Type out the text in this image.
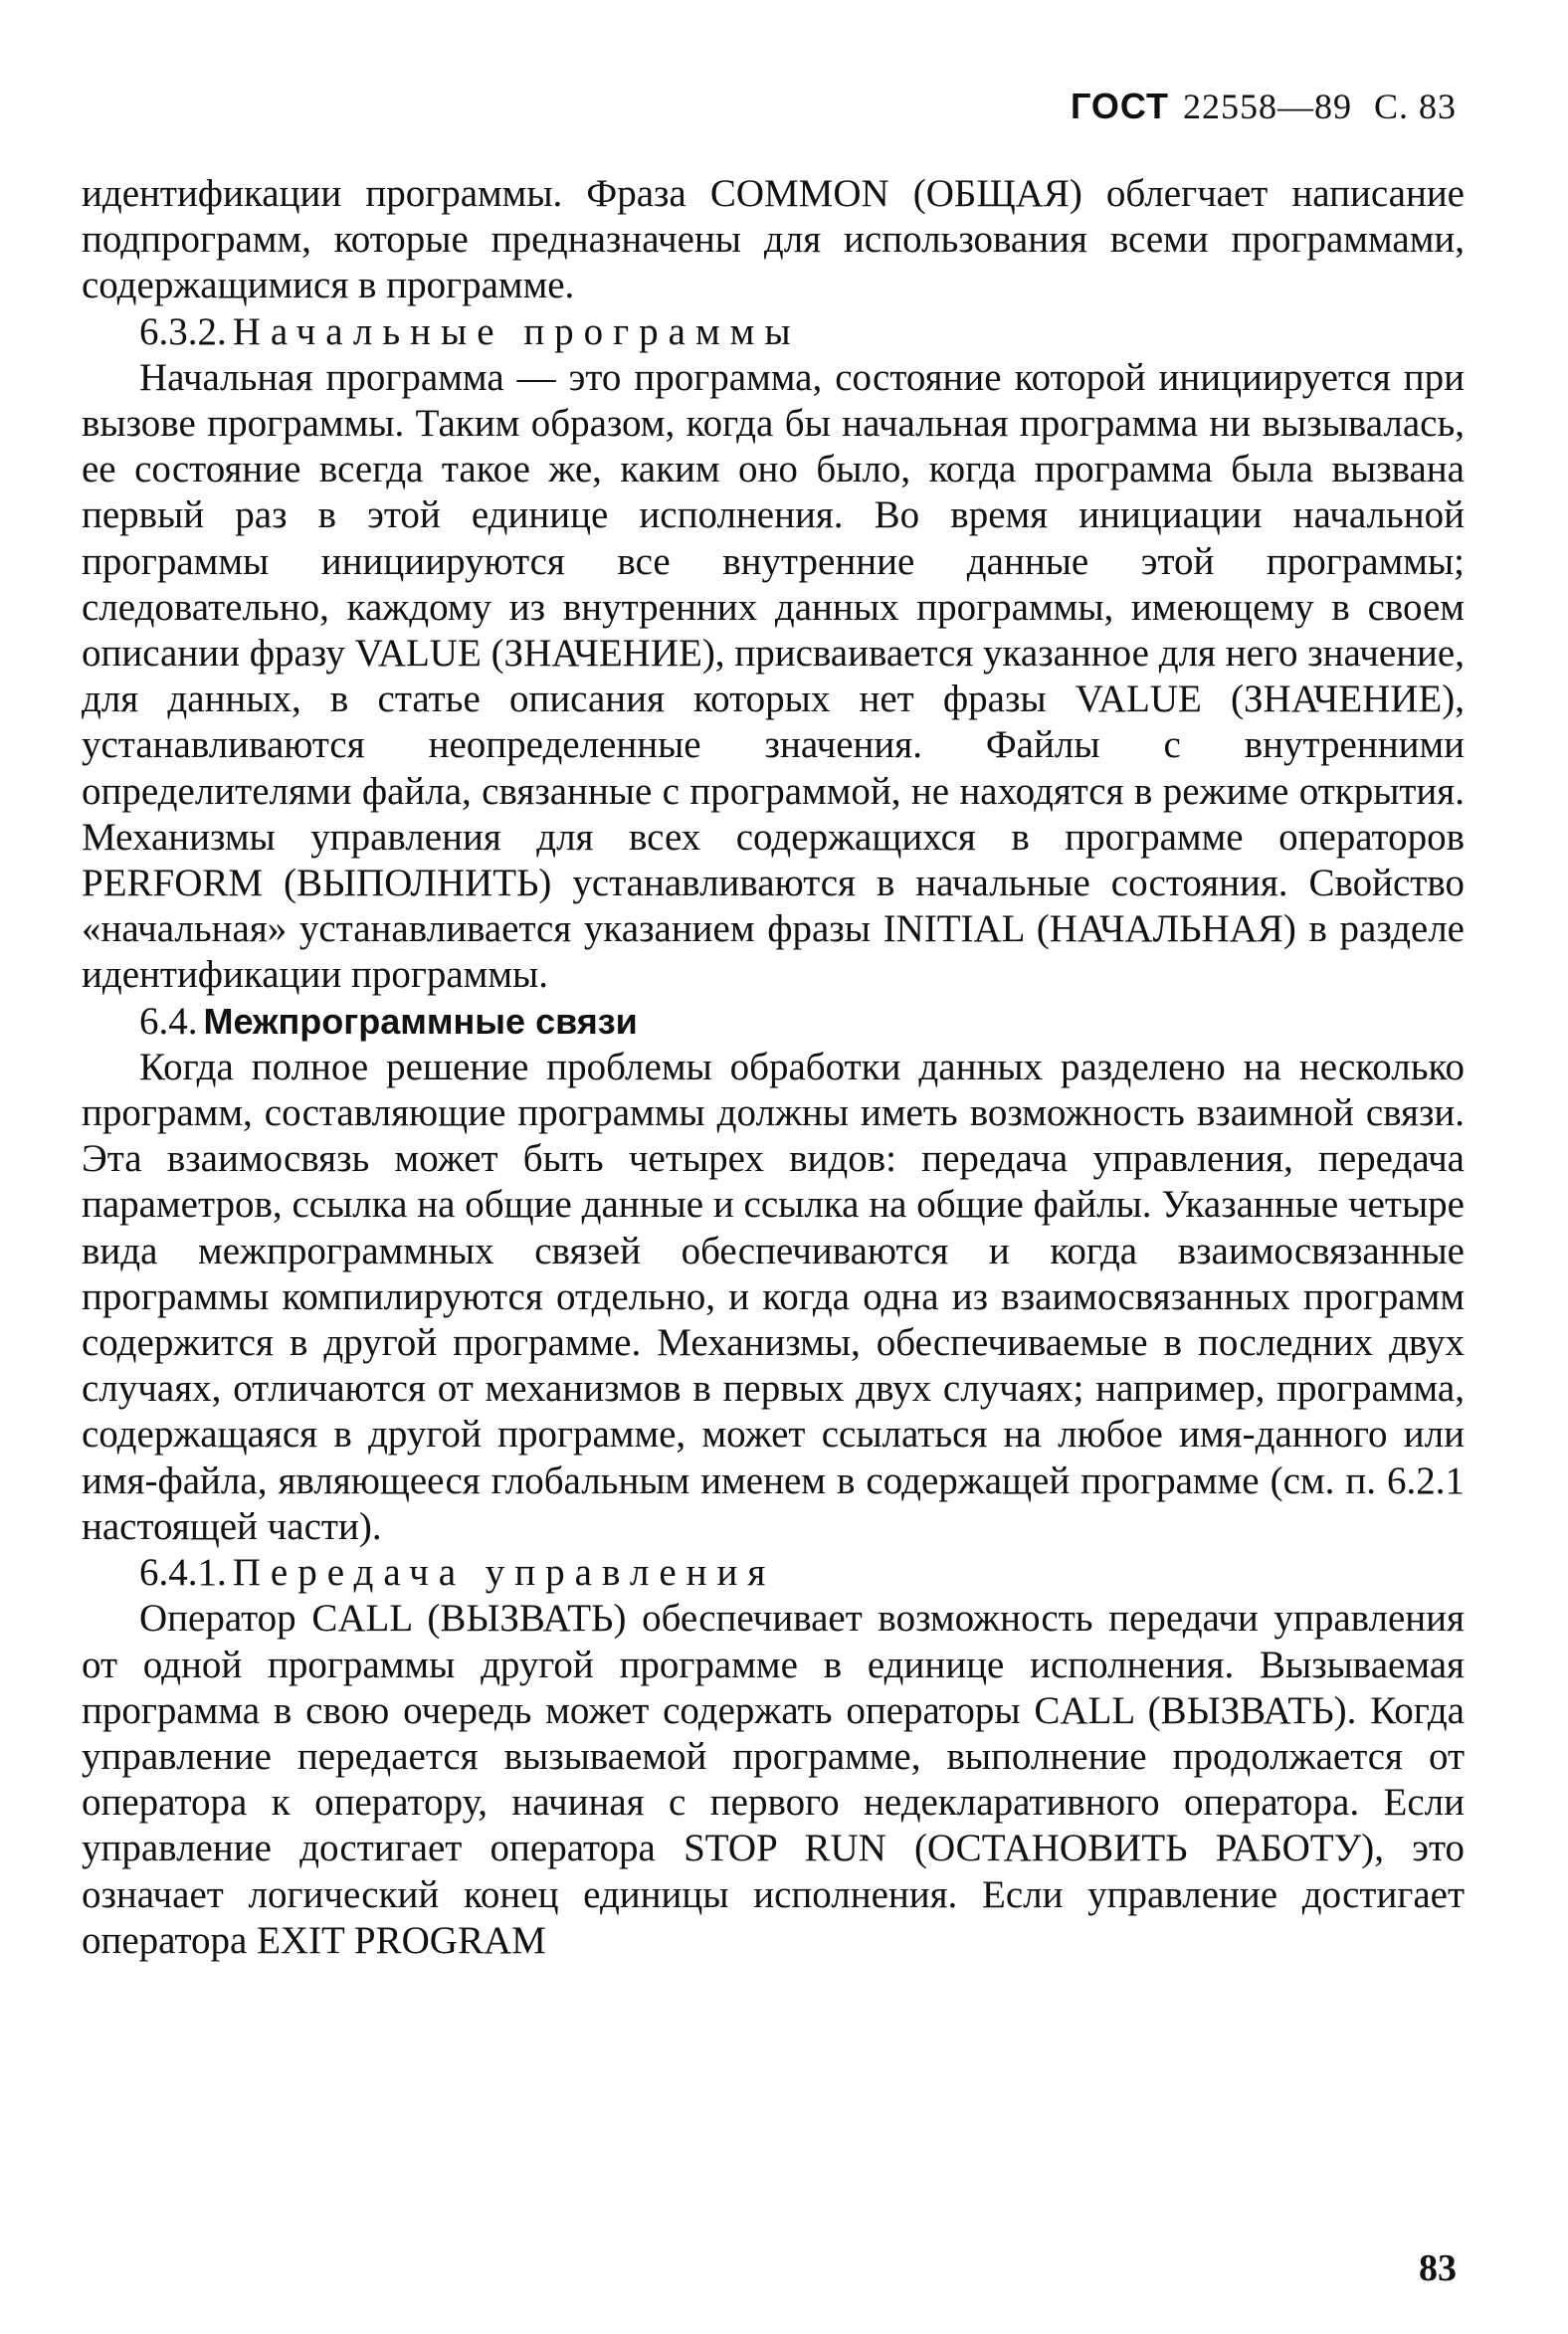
ГОСТ 22558—89 С. 83

идентификации программы. Фраза COMMON (ОБЩАЯ) облегчает написание подпрограмм, которые предназначены для использования всеми программами, содержащимися в программе.

6.3.2. Начальные программы

Начальная программа — это программа, состояние которой инициируется при вызове программы. Таким образом, когда бы начальная программа ни вызывалась, ее состояние всегда такое же, каким оно было, когда программа была вызвана первый раз в этой единице исполнения. Во время инициации начальной программы инициируются все внутренние данные этой программы; следовательно, каждому из внутренних данных программы, имеющему в своем описании фразу VALUE (ЗНАЧЕНИЕ), присваивается указанное для него значение, для данных, в статье описания которых нет фразы VALUE (ЗНАЧЕНИЕ), устанавливаются неопределенные значения. Файлы с внутренними определителями файла, связанные с программой, не находятся в режиме открытия. Механизмы управления для всех содержащихся в программе операторов PERFORM (ВЫПОЛНИТЬ) устанавливаются в начальные состояния. Свойство «начальная» устанавливается указанием фразы INITIAL (НАЧАЛЬНАЯ) в разделе идентификации программы.

6.4. Межпрограммные связи

Когда полное решение проблемы обработки данных разделено на несколько программ, составляющие программы должны иметь возможность взаимной связи. Эта взаимосвязь может быть четырех видов: передача управления, передача параметров, ссылка на общие данные и ссылка на общие файлы. Указанные четыре вида межпрограммных связей обеспечиваются и когда взаимосвязанные программы компилируются отдельно, и когда одна из взаимосвязанных программ содержится в другой программе. Механизмы, обеспечиваемые в последних двух случаях, отличаются от механизмов в первых двух случаях; например, программа, содержащаяся в другой программе, может ссылаться на любое имя-данного или имя-файла, являющееся глобальным именем в содержащей программе (см. п. 6.2.1 настоящей части).

6.4.1. Передача управления

Оператор CALL (ВЫЗВАТЬ) обеспечивает возможность передачи управления от одной программы другой программе в единице исполнения. Вызываемая программа в свою очередь может содержать операторы CALL (ВЫЗВАТЬ). Когда управление передается вызываемой программе, выполнение продолжается от оператора к оператору, начиная с первого недекларативного оператора. Если управление достигает оператора STOP RUN (ОСТАНОВИТЬ РАБОТУ), это означает логический конец единицы исполнения. Если управление достигает оператора EXIT PROGRAM

83
